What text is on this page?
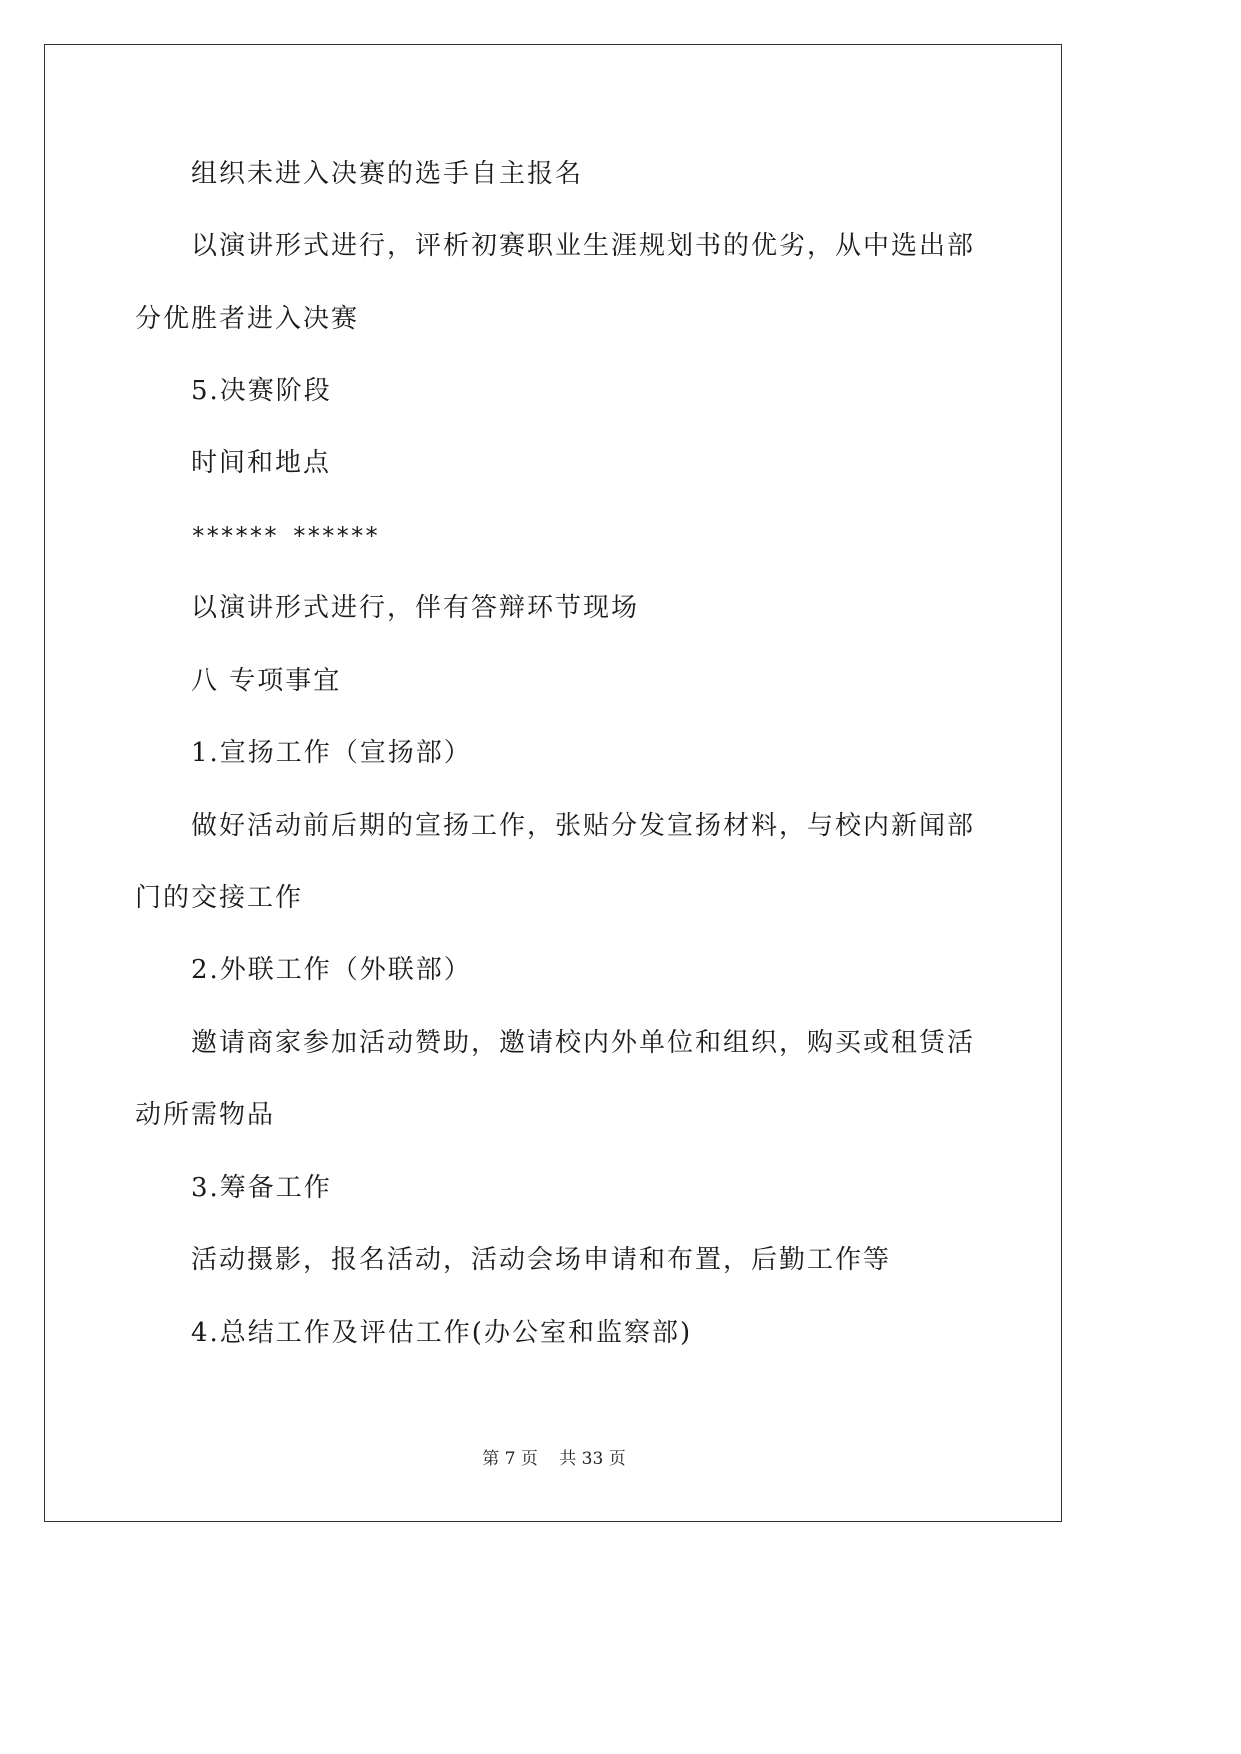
组织未进入决赛的选手自主报名
以演讲形式进行，评析初赛职业生涯规划书的优劣，从中选出部
分优胜者进入决赛
5.决赛阶段
时间和地点
****** ******
以演讲形式进行，伴有答辩环节现场
八 专项事宜
1.宣扬工作（宣扬部）
做好活动前后期的宣扬工作，张贴分发宣扬材料，与校内新闻部
门的交接工作
2.外联工作（外联部）
邀请商家参加活动赞助，邀请校内外单位和组织，购买或租赁活
动所需物品
3.筹备工作
活动摄影，报名活动，活动会场申请和布置，后勤工作等
4.总结工作及评估工作(办公室和监察部)
第 7 页 共 33 页
